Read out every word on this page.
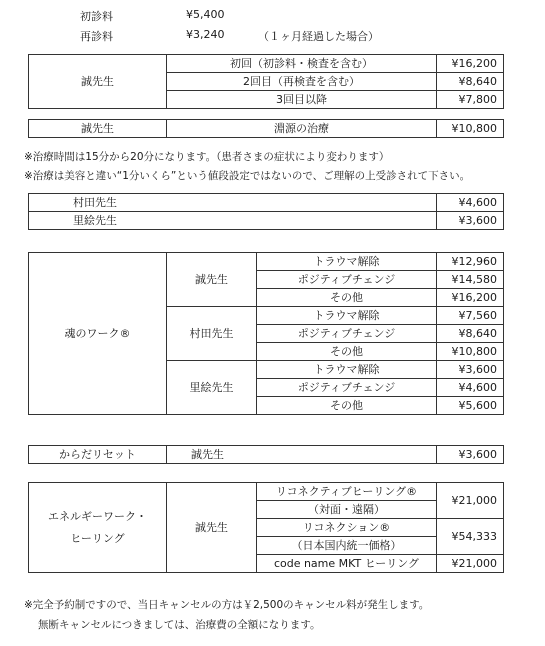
初診料	¥5,400
再診料	¥3,240	（１ヶ月経過した場合）
誠先生	初回（初診料・検査を含む）	¥16,200
	2回目（再検査を含む）	¥8,640
	3回目以降	¥7,800
誠先生	淵源の治療	¥10,800
※治療時間は15分から20分になります。（患者さまの症状により変わります）
※治療は美容と違い“1分いくら”という値段設定ではないので、ご理解の上受診されて下さい。
村田先生	¥4,600
里絵先生	¥3,600
魂のワーク®	誠先生	トラウマ解除	¥12,960
		ポジティブチェンジ	¥14,580
		その他	¥16,200
	村田先生	トラウマ解除	¥7,560
		ポジティブチェンジ	¥8,640
		その他	¥10,800
	里絵先生	トラウマ解除	¥3,600
		ポジティブチェンジ	¥4,600
		その他	¥5,600
からだリセット	誠先生	¥3,600
エネルギーワーク・
ヒーリング	誠先生	リコネクティブヒーリング®	¥21,000
		（対面・遠隔）	
		リコネクション®	¥54,333
		（日本国内統一価格）	
		code name MKT ヒーリング	¥21,000
※完全予約制ですので、当日キャンセルの方は￥2,500のキャンセル料が発生します。
無断キャンセルにつきましては、治療費の全額になります。
